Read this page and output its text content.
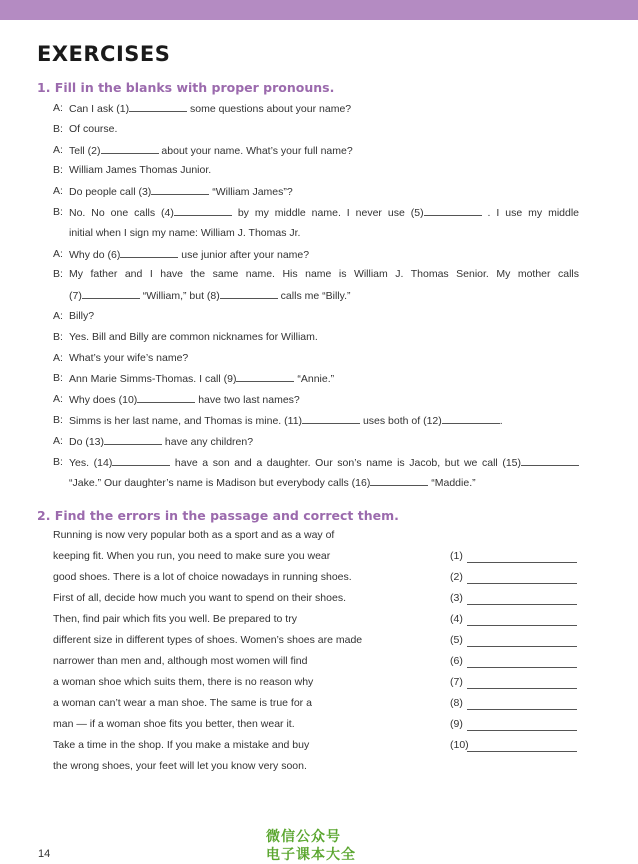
EXERCISES
1. Fill in the blanks with proper pronouns.
A: Can I ask (1)	some questions about your name?
B: Of course.
A: Tell (2)	about your name. What’s your full name?
B: William James Thomas Junior.
A: Do people call (3)	“William James”?
B: No. No one calls (4)	by my middle name. I never use (5)	. I use my middle
initial when I sign my name: William J. Thomas Jr.
A: Why do (6)	use junior after your name?
B: My father and I have the same name. His name is William J. Thomas Senior. My mother calls
(7)	“William,” but (8)	calls me “Billy.”
A: Billy?
B: Yes. Bill and Billy are common nicknames for William.
A: What’s your wife’s name?
B: Ann Marie Simms-Thomas. I call (9)	“Annie.”
A: Why does (10)	have two last names?
B: Simms is her last name, and Thomas is mine. (11)	uses both of (12)	.
A: Do (13)	have any children?
B: Yes. (14)	have a son and a daughter. Our son’s name is Jacob, but we call (15)
“Jake.” Our daughter’s name is Madison but everybody calls (16)	“Maddie.”
2. Find the errors in the passage and correct them.
Running is now very popular both as a sport and as a way of
keeping fit. When you run, you need to make sure you wear	(1)
good shoes. There is a lot of choice nowadays in running shoes.	(2)
First of all, decide how much you want to spend on their shoes.	(3)
Then, find pair which fits you well. Be prepared to try	(4)
different size in different types of shoes. Women’s shoes are made	(5)
narrower than men and, although most women will find	(6)
a woman shoe which suits them, there is no reason why	(7)
a woman can’t wear a man shoe. The same is true for a	(8)
man — if a woman shoe fits you better, then wear it.	(9)
Take a time in the shop. If you make a mistake and buy	(10)
the wrong shoes, your feet will let you know very soon.
14
微信公众号
电子课本大全
